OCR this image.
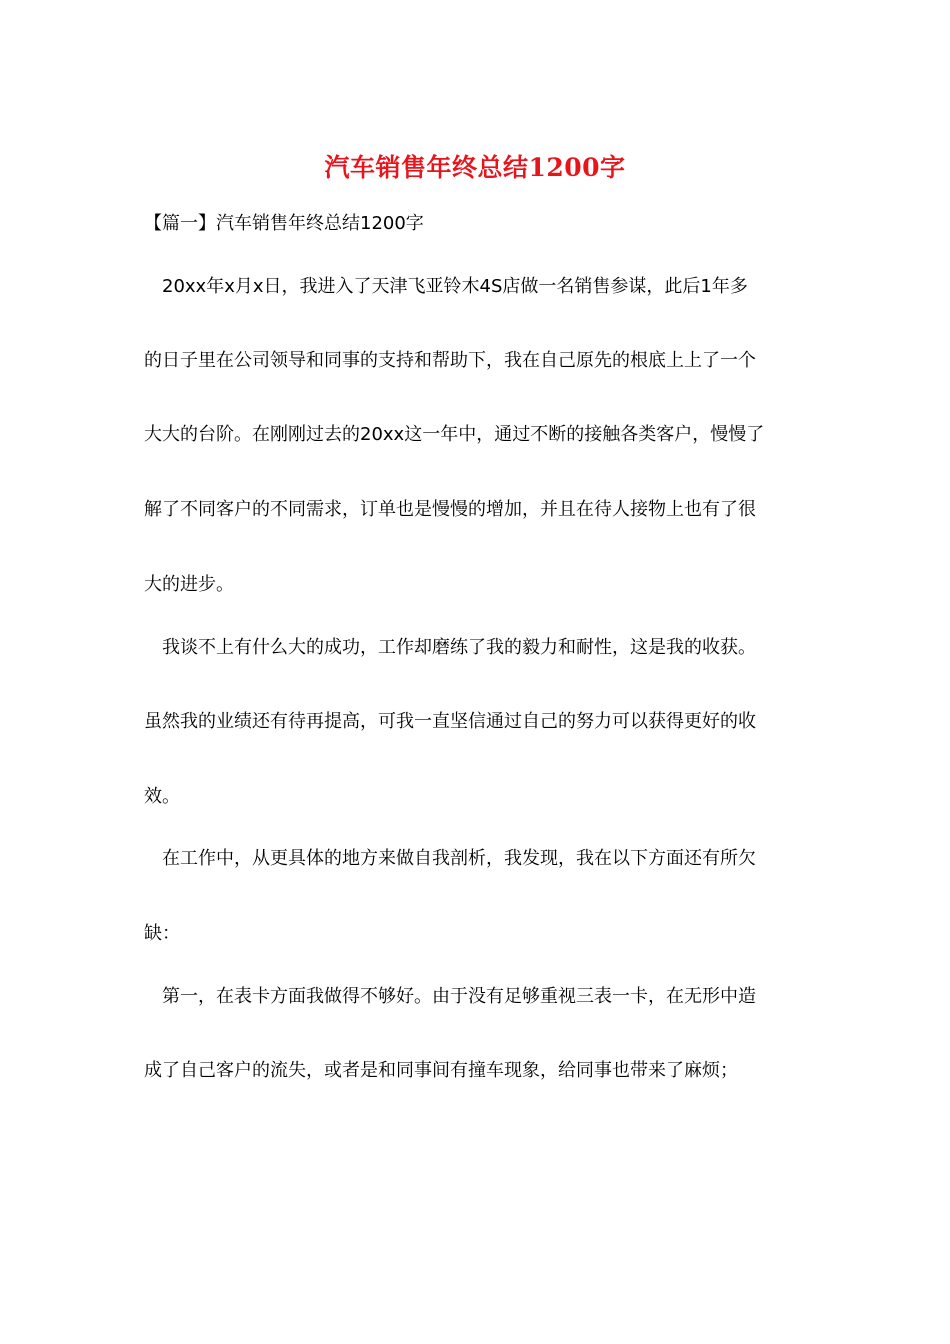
汽车销售年终总结1200字
【篇一】汽车销售年终总结1200字
20xx年x月x日，我进入了天津飞亚铃木4S店做一名销售参谋，此后1年多
的日子里在公司领导和同事的支持和帮助下，我在自己原先的根底上上了一个
大大的台阶。在刚刚过去的20xx这一年中，通过不断的接触各类客户，慢慢了
解了不同客户的不同需求，订单也是慢慢的增加，并且在待人接物上也有了很
大的进步。
我谈不上有什么大的成功，工作却磨练了我的毅力和耐性，这是我的收获。
虽然我的业绩还有待再提高，可我一直坚信通过自己的努力可以获得更好的收
效。
在工作中，从更具体的地方来做自我剖析，我发现，我在以下方面还有所欠
缺：
第一，在表卡方面我做得不够好。由于没有足够重视三表一卡，在无形中造
成了自己客户的流失，或者是和同事间有撞车现象，给同事也带来了麻烦；
